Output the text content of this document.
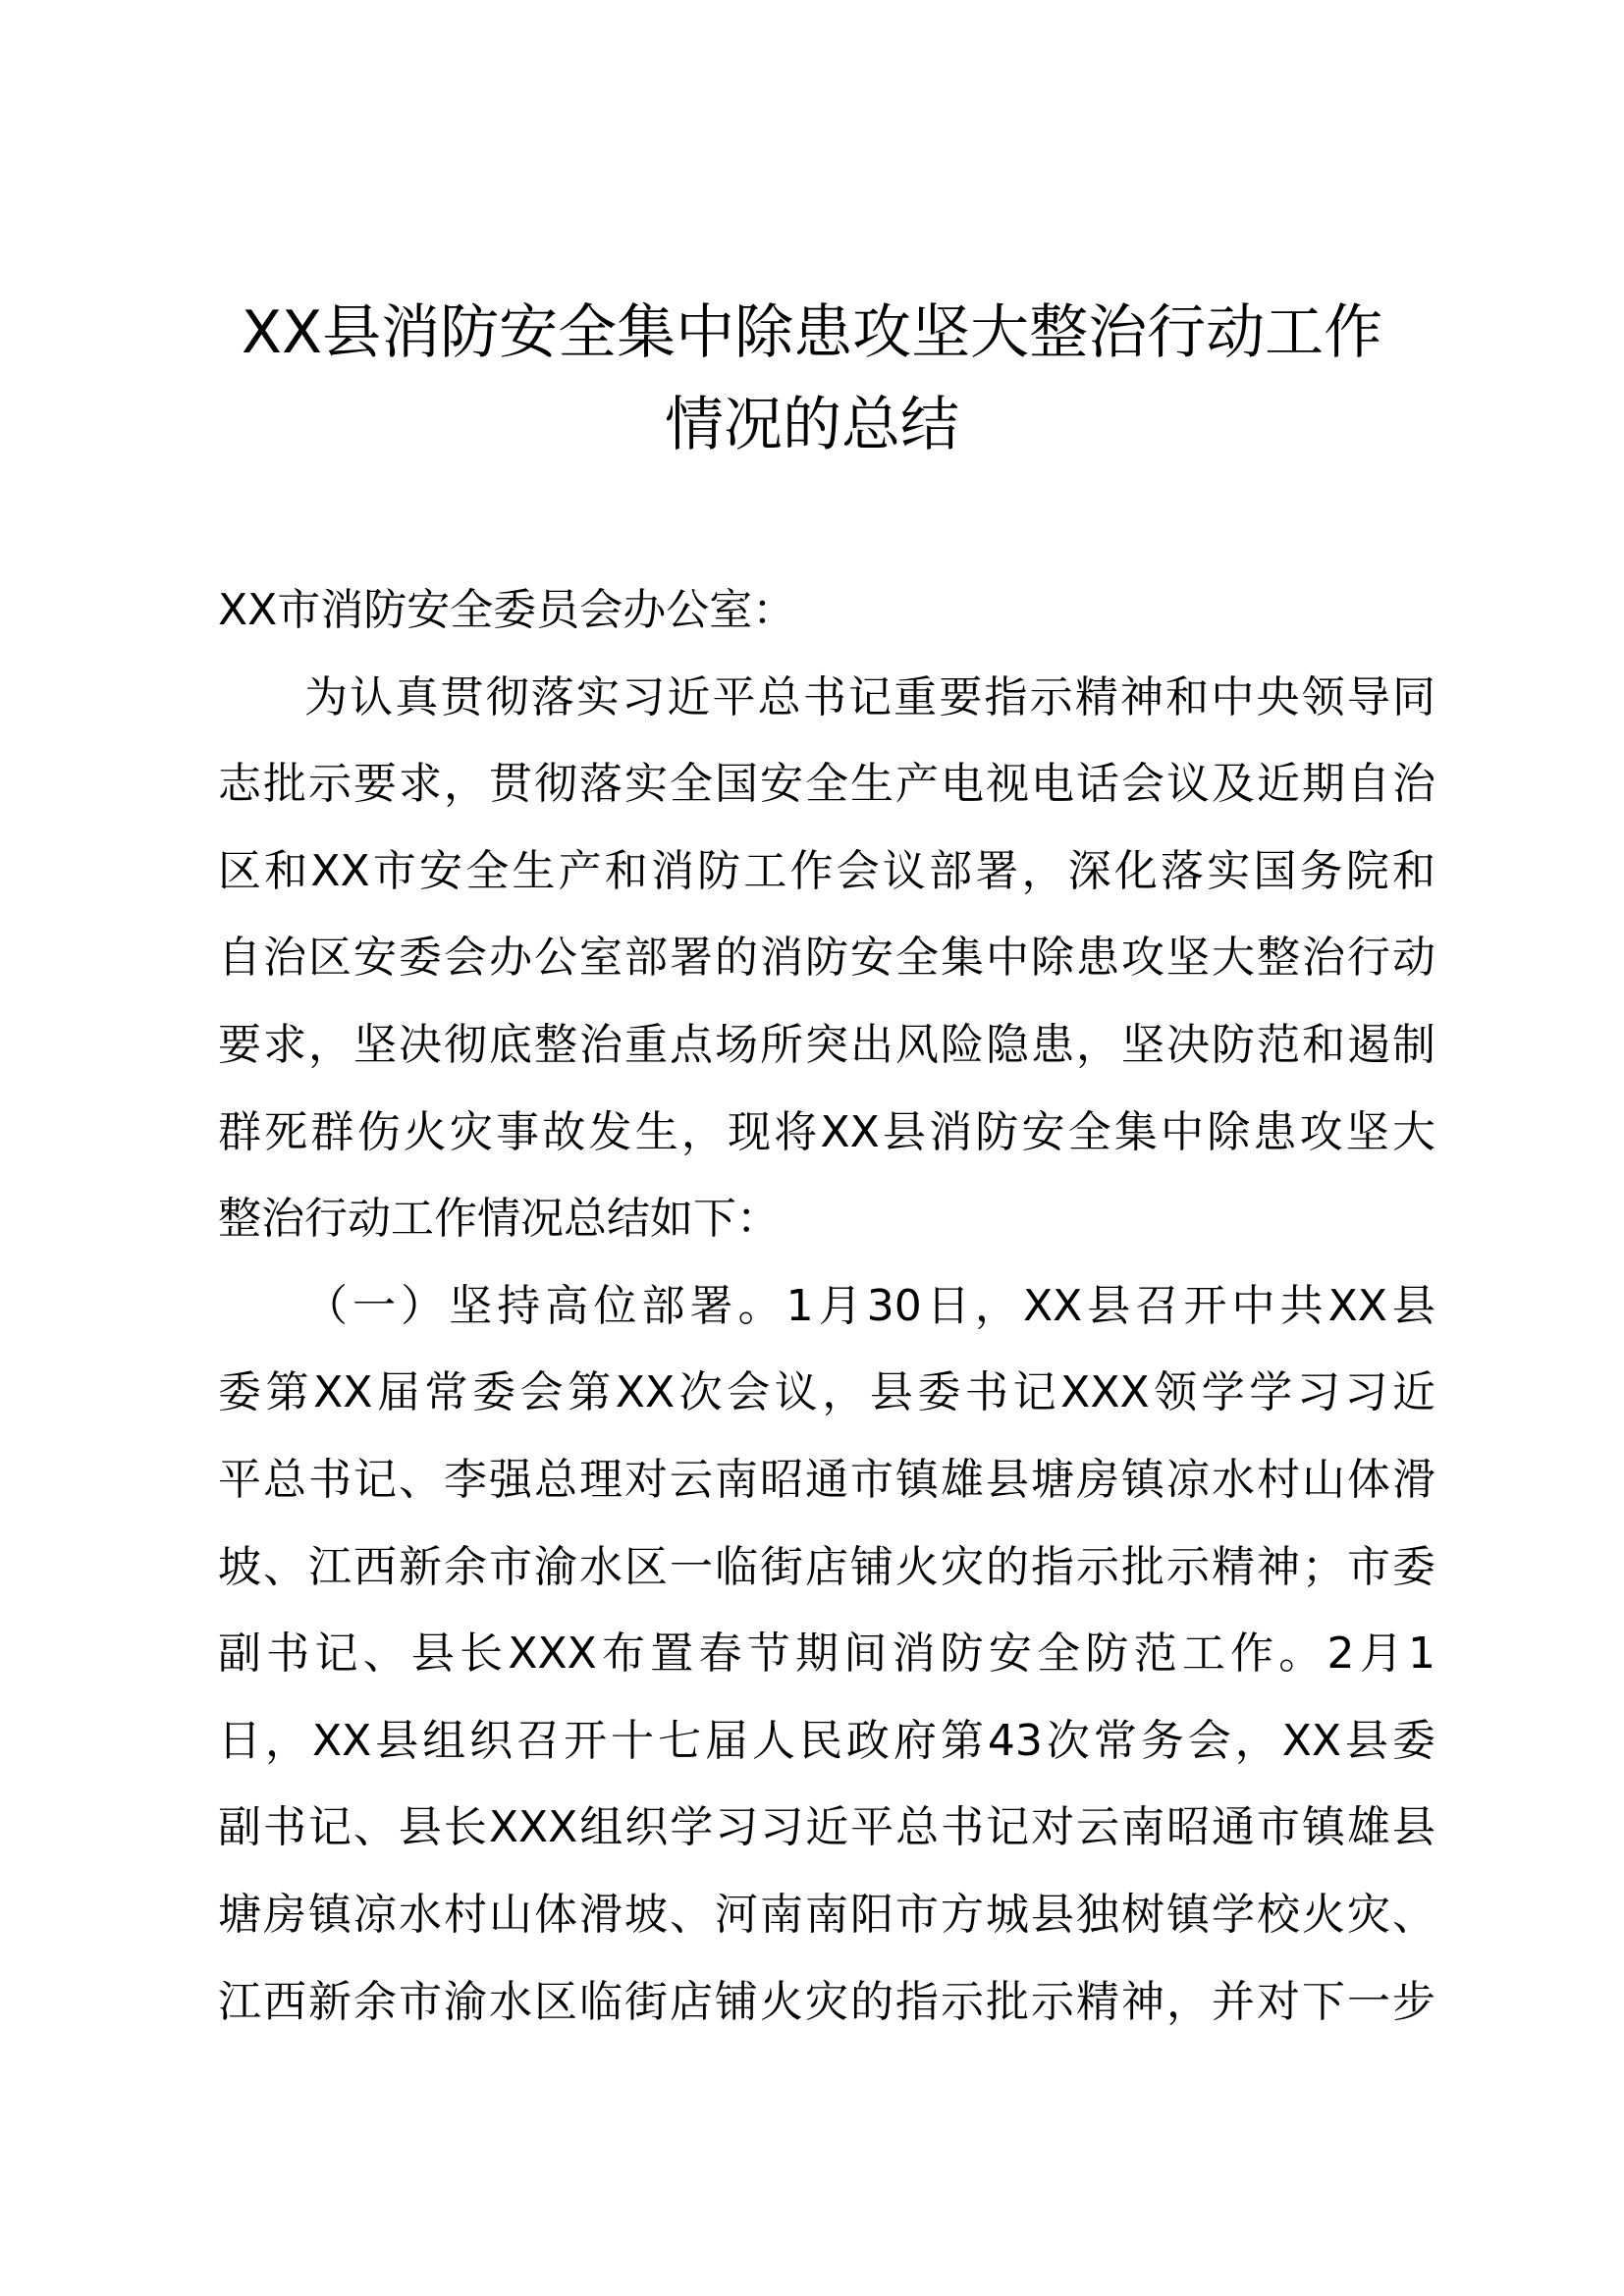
XX县消防安全集中除患攻坚大整治行动工作
情况的总结
XX市消防安全委员会办公室：
为认真贯彻落实习近平总书记重要指示精神和中央领导同
志批示要求，贯彻落实全国安全生产电视电话会议及近期自治
区和XX市安全生产和消防工作会议部署，深化落实国务院和
自治区安委会办公室部署的消防安全集中除患攻坚大整治行动
要求，坚决彻底整治重点场所突出风险隐患，坚决防范和遏制
群死群伤火灾事故发生，现将XX县消防安全集中除患攻坚大
整治行动工作情况总结如下：
（一）坚持高位部署。1月30日，XX县召开中共XX县
委第XX届常委会第XX次会议，县委书记XXX领学学习习近
平总书记、李强总理对云南昭通市镇雄县塘房镇凉水村山体滑
坡、江西新余市渝水区一临街店铺火灾的指示批示精神；市委
副书记、县长XXX布置春节期间消防安全防范工作。2月1
日，XX县组织召开十七届人民政府第43次常务会，XX县委
副书记、县长XXX组织学习习近平总书记对云南昭通市镇雄县
塘房镇凉水村山体滑坡、河南南阳市方城县独树镇学校火灾、
江西新余市渝水区临街店铺火灾的指示批示精神，并对下一步
